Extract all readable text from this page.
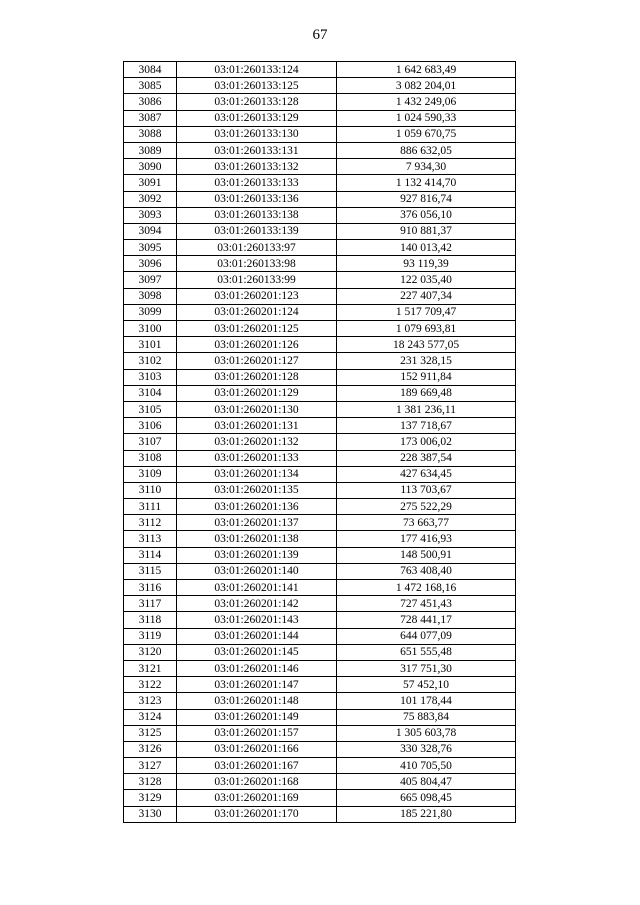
67
3084	03:01:260133:124	1 642 683,49
3085	03:01:260133:125	3 082 204,01
3086	03:01:260133:128	1 432 249,06
3087	03:01:260133:129	1 024 590,33
3088	03:01:260133:130	1 059 670,75
3089	03:01:260133:131	886 632,05
3090	03:01:260133:132	7 934,30
3091	03:01:260133:133	1 132 414,70
3092	03:01:260133:136	927 816,74
3093	03:01:260133:138	376 056,10
3094	03:01:260133:139	910 881,37
3095	03:01:260133:97	140 013,42
3096	03:01:260133:98	93 119,39
3097	03:01:260133:99	122 035,40
3098	03:01:260201:123	227 407,34
3099	03:01:260201:124	1 517 709,47
3100	03:01:260201:125	1 079 693,81
3101	03:01:260201:126	18 243 577,05
3102	03:01:260201:127	231 328,15
3103	03:01:260201:128	152 911,84
3104	03:01:260201:129	189 669,48
3105	03:01:260201:130	1 381 236,11
3106	03:01:260201:131	137 718,67
3107	03:01:260201:132	173 006,02
3108	03:01:260201:133	228 387,54
3109	03:01:260201:134	427 634,45
3110	03:01:260201:135	113 703,67
3111	03:01:260201:136	275 522,29
3112	03:01:260201:137	73 663,77
3113	03:01:260201:138	177 416,93
3114	03:01:260201:139	148 500,91
3115	03:01:260201:140	763 408,40
3116	03:01:260201:141	1 472 168,16
3117	03:01:260201:142	727 451,43
3118	03:01:260201:143	728 441,17
3119	03:01:260201:144	644 077,09
3120	03:01:260201:145	651 555,48
3121	03:01:260201:146	317 751,30
3122	03:01:260201:147	57 452,10
3123	03:01:260201:148	101 178,44
3124	03:01:260201:149	75 883,84
3125	03:01:260201:157	1 305 603,78
3126	03:01:260201:166	330 328,76
3127	03:01:260201:167	410 705,50
3128	03:01:260201:168	405 804,47
3129	03:01:260201:169	665 098,45
3130	03:01:260201:170	185 221,80
